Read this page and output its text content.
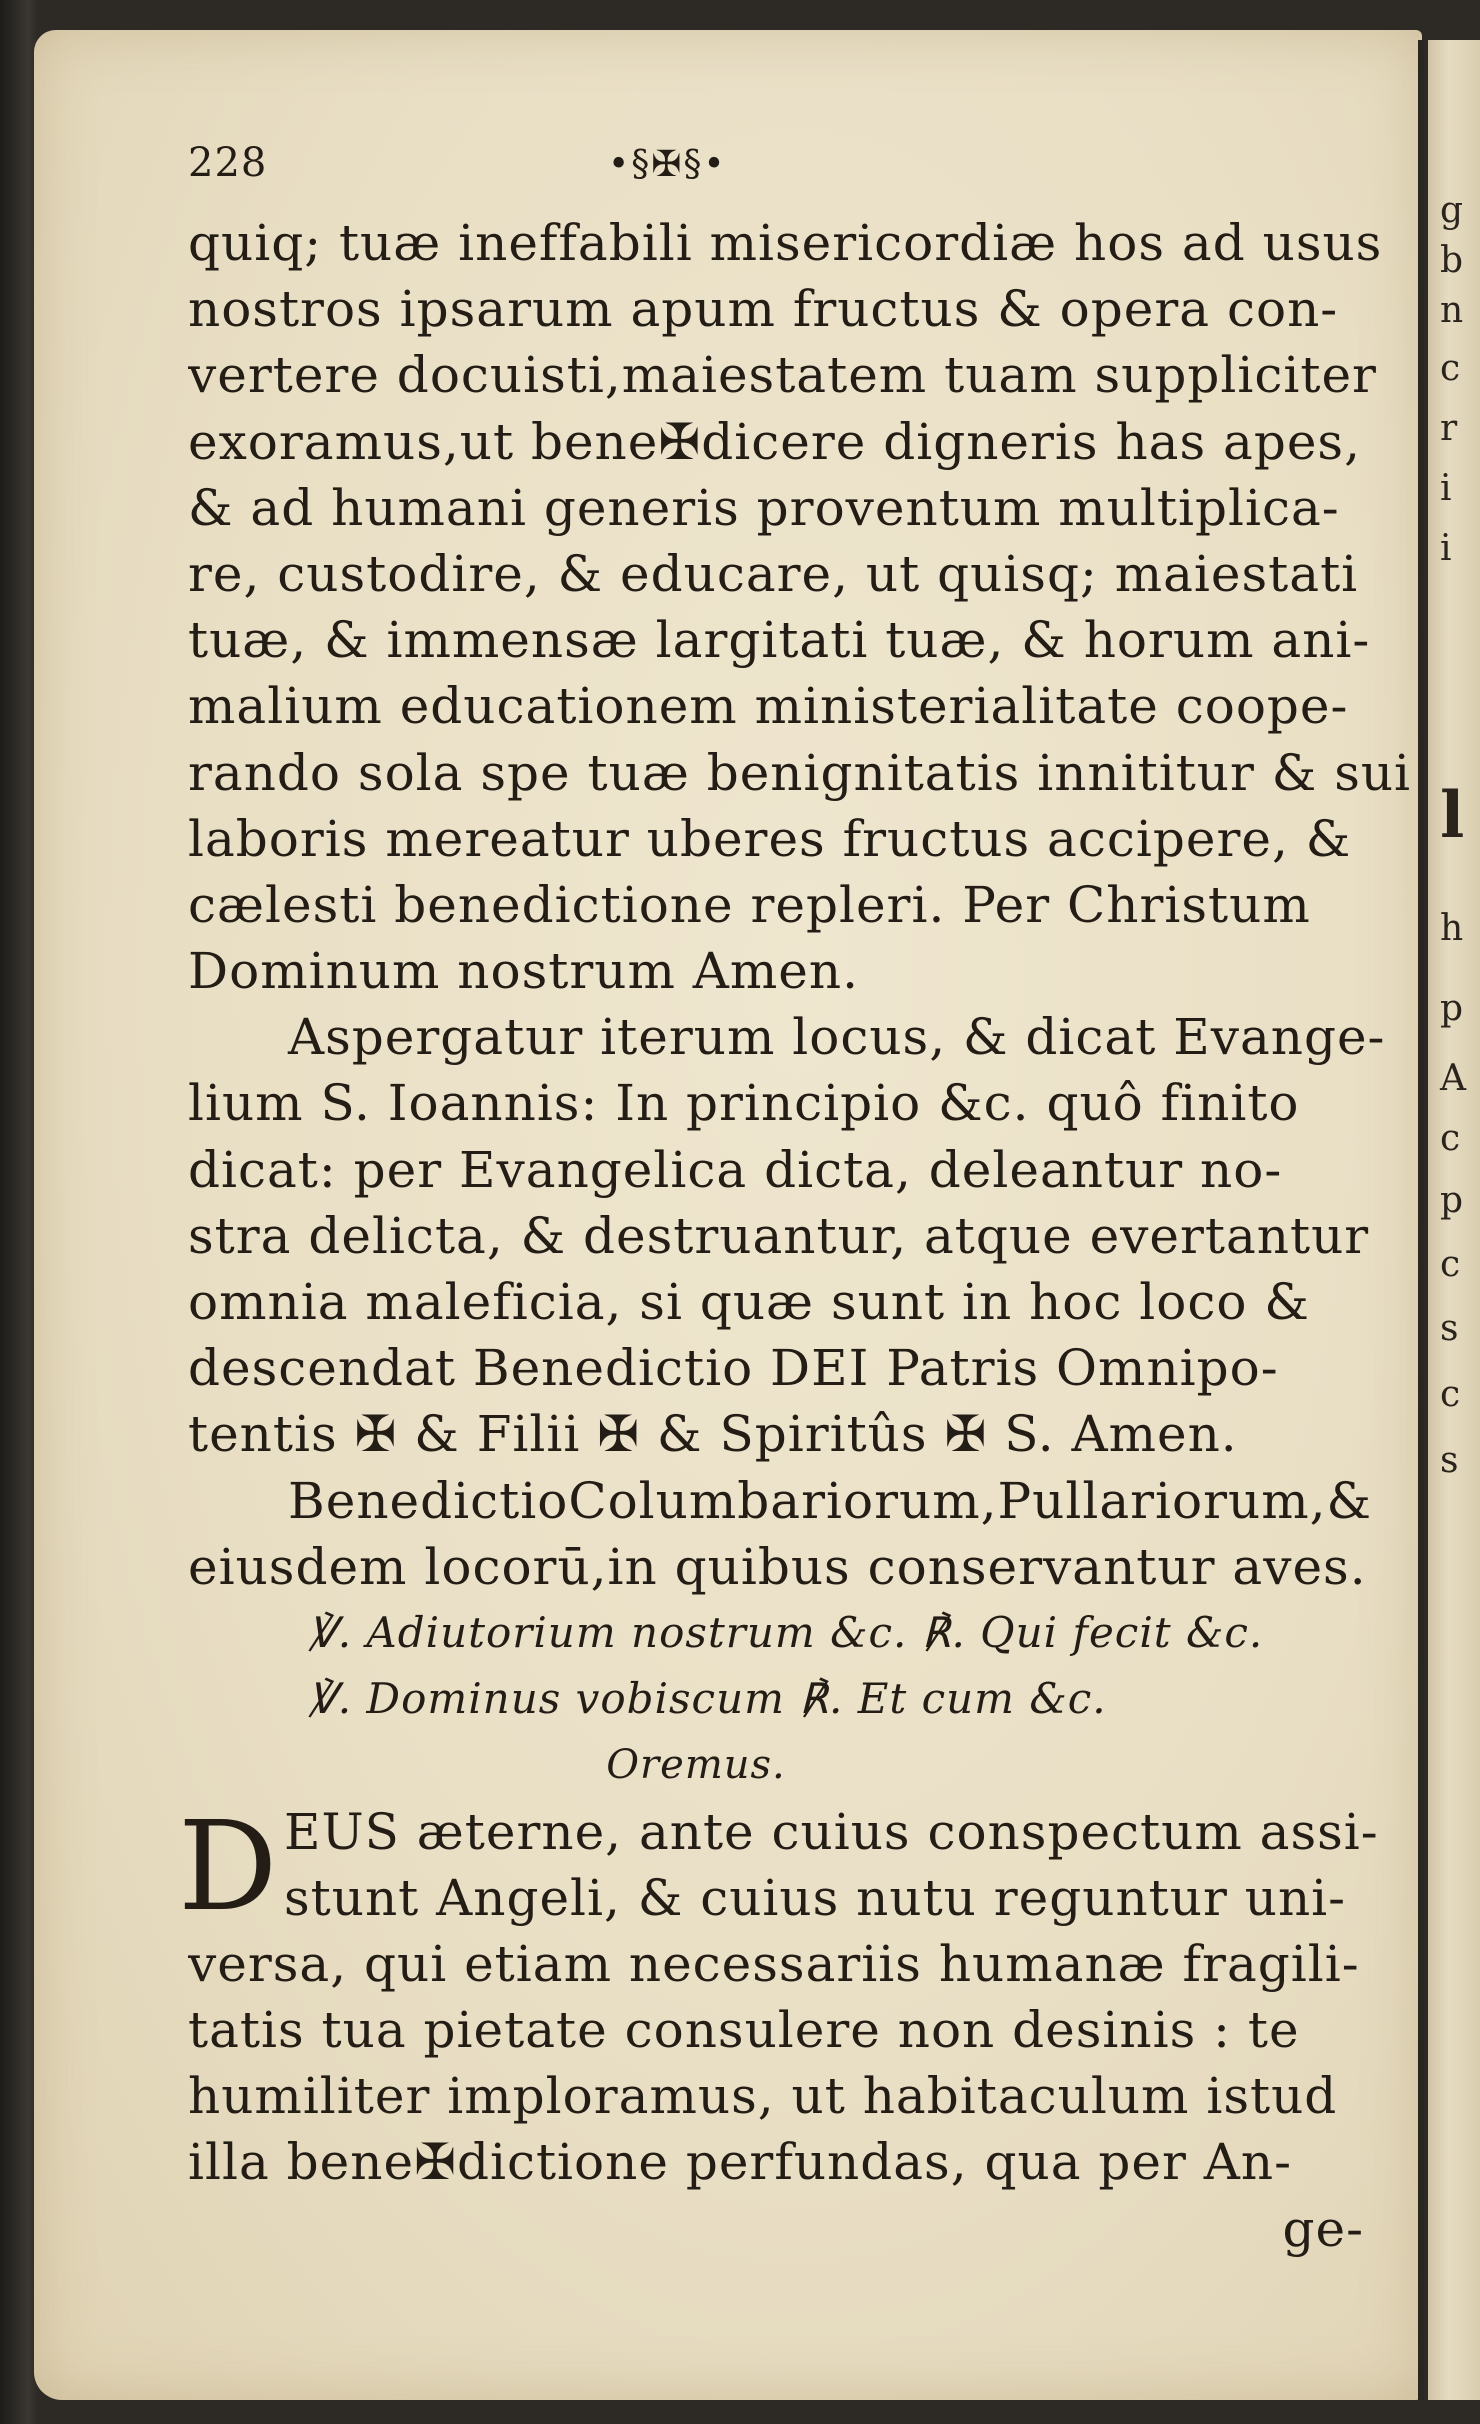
g
b
n
c
r
i
i
l
h
p
A
c
p
c
s
c
s
228	•§✠§•
quiq; tuæ ineffabili misericordiæ hos ad usus
nostros ipsarum apum fructus & opera con-
vertere docuisti,maiestatem tuam suppliciter
exoramus,ut bene✠dicere digneris has apes,
& ad humani generis proventum multiplica-
re, custodire, & educare, ut quisq; maiestati
tuæ, & immensæ largitati tuæ, & horum ani-
malium educationem ministerialitate coope-
rando sola spe tuæ benignitatis innititur & sui
laboris mereatur uberes fructus accipere, &
cælesti benedictione repleri. Per Christum
Dominum nostrum Amen.
Aspergatur iterum locus, & dicat Evange-
lium S. Ioannis: In principio &c. quô finito
dicat: per Evangelica dicta, deleantur no-
stra delicta, & destruantur, atque evertantur
omnia maleficia, si quæ sunt in hoc loco &
descendat Benedictio DEI Patris Omnipo-
tentis ✠ & Filii ✠ & Spiritûs ✠ S. Amen.
BenedictioColumbariorum,Pullariorum,&
eiusdem locorū,in quibus conservantur aves.
℣. Adiutorium nostrum &c. ℟. Qui fecit &c.
℣. Dominus vobiscum ℟. Et cum &c.
Oremus.
D EUS æterne, ante cuius conspectum assi-
stunt Angeli, & cuius nutu reguntur uni-
versa, qui etiam necessariis humanæ fragili-
tatis tua pietate consulere non desinis : te
humiliter imploramus, ut habitaculum istud
illa bene✠dictione perfundas, qua per An-
ge-
